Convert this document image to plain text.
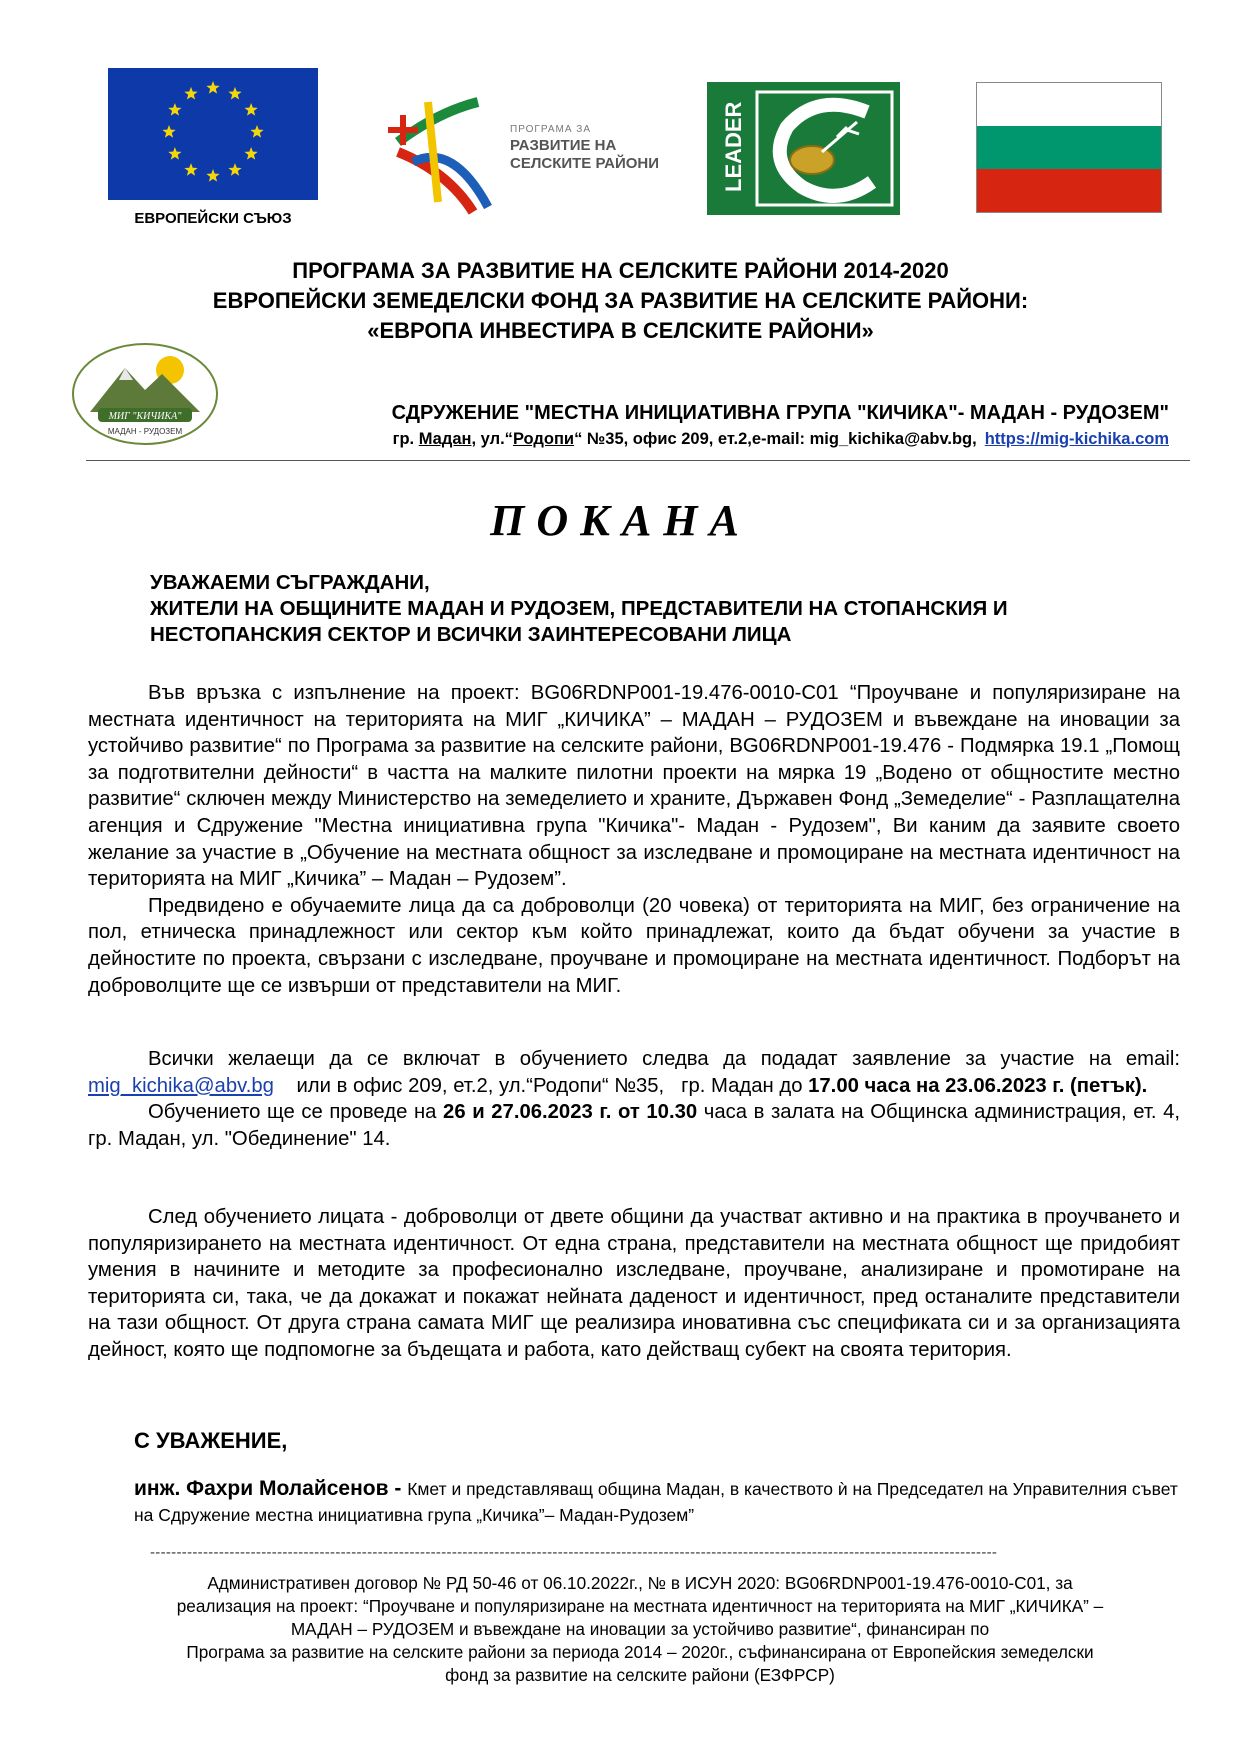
ЕВРОПЕЙСКИ СЪЮЗ
ПРОГРАМА ЗА
РАЗВИТИЕ НА
СЕЛСКИТЕ РАЙОНИ	LEADER
ПРОГРАМА ЗА РАЗВИТИЕ НА СЕЛСКИТЕ РАЙОНИ 2014-2020
ЕВРОПЕЙСКИ ЗЕМЕДЕЛСКИ ФОНД ЗА РАЗВИТИЕ НА СЕЛСКИТЕ РАЙОНИ:
«ЕВРОПА ИНВЕСТИРА В СЕЛСКИТЕ РАЙОНИ»
МИГ "КИЧИКА"
МАДАН - РУДОЗЕМ
СДРУЖЕНИЕ "МЕСТНА ИНИЦИАТИВНА ГРУПА "КИЧИКА"- МАДАН - РУДОЗЕМ"
гр. Мадан, ул.“Родопи“ №35, офис 209, ет.2,e-mail: mig_kichika@abv.bg, https://mig-kichika.com
ПОКАНА
УВАЖАЕМИ СЪГРАЖДАНИ,
ЖИТЕЛИ НА ОБЩИНИТЕ МАДАН И РУДОЗЕМ, ПРЕДСТАВИТЕЛИ НА СТОПАНСКИЯ И
НЕСТОПАНСКИЯ СЕКТОР И ВСИЧКИ ЗАИНТЕРЕСОВАНИ ЛИЦА

Във връзка с изпълнение на проект: BG06RDNP001-19.476-0010-C01 “Проучване и популяризиране на местната идентичност на територията на МИГ „КИЧИКА” – МАДАН – РУДОЗЕМ и въвеждане на иновации за устойчиво развитие“ по Програма за развитие на селските райони, BG06RDNP001-19.476 - Подмярка 19.1 „Помощ за подготвителни дейности“ в частта на малките пилотни проекти на мярка 19 „Водено от общностите местно развитие“ сключен между Министерство на земеделието и храните, Държавен Фонд „Земеделие“ - Разплащателна агенция и Сдружение "Местна инициативна група "Кичика"- Мадан - Рудозем", Ви каним да заявите своето желание за участие в „Обучение на местната общност за изследване и промоциране на местната идентичност на територията на МИГ „Кичика” – Мадан – Рудозем”.

Предвидено е обучаемите лица да са доброволци (20 човека) от територията на МИГ, без ограничение на пол, етническа принадлежност или сектор към който принадлежат, които да бъдат обучени за участие в дейностите по проекта, свързани с изследване, проучване и промоциране на местната идентичност. Подборът на доброволците ще се извърши от представители на МИГ.

Всички желаещи да се включат в обучението следва да подадат заявление за участие на email: mig_kichika@abv.bg    или в офис 209, ет.2, ул.“Родопи“ №35,   гр. Мадан до 17.00 часа на 23.06.2023 г. (петък).

Обучението ще се проведе на 26 и 27.06.2023 г. от 10.30 часа в залата на Общинска администрация, ет. 4, гр. Мадан, ул. "Обединение" 14.

След обучението лицата - доброволци от двете общини да участват активно и на практика в проучването и популяризирането на местната идентичност. От една страна, представители на местната общност ще придобият умения в начините и методите за професионално изследване, проучване, анализиране и промотиране на територията си, така, че да докажат и покажат нейната даденост и идентичност, пред останалите представители на тази общност. От друга страна самата МИГ ще реализира иновативна със спецификата си и за организацията дейност, която ще подпомогне за бъдещата и работа, като действащ субект на своята територия.

С УВАЖЕНИЕ,
инж. Фахри Молайсенов - Кмет и представляващ община Мадан, в качеството ѝ на Председател на Управителния съвет на Сдружение местна инициативна група „Кичика”– Мадан-Рудозем”
----------------------------------------------------------------------------------------------------------------------------------------------------------------
Административен договор № РД 50-46 от 06.10.2022г., № в ИСУН 2020: BG06RDNP001-19.476-0010-C01, за
реализация на проект: “Проучване и популяризиране на местната идентичност на територията на МИГ „КИЧИКА” –
МАДАН – РУДОЗЕМ и въвеждане на иновации за устойчиво развитие“, финансиран по
Програма за развитие на селските райони за периода 2014 – 2020г., съфинансирана от Европейския земеделски
фонд за развитие на селските райони (ЕЗФРСР)
